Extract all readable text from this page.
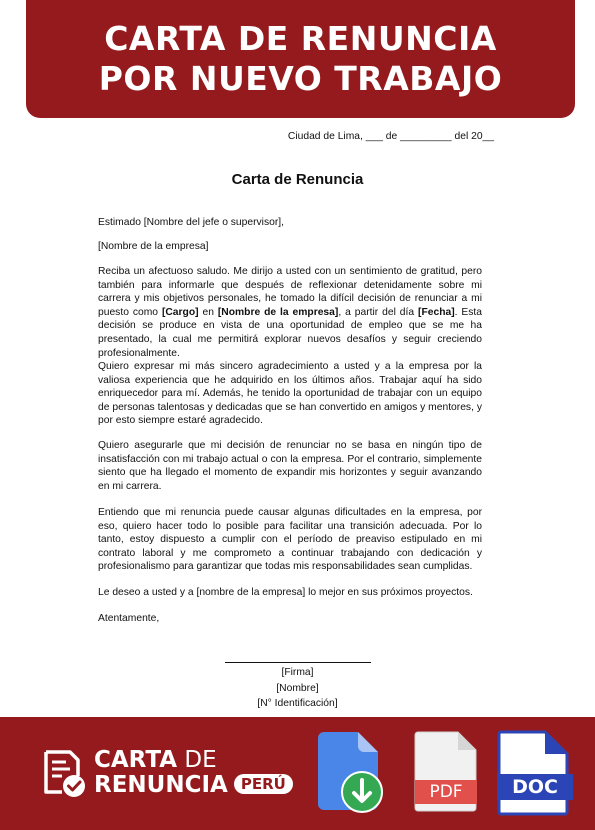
CARTA DE RENUNCIA
POR NUEVO TRABAJO
Ciudad de Lima, ___ de _________ del 20__
Carta de Renuncia
Estimado [Nombre del jefe o supervisor],
[Nombre de la empresa]
Reciba un afectuoso saludo. Me dirijo a usted con un sentimiento de gratitud, pero también para informarle que después de reflexionar detenidamente sobre mi carrera y mis objetivos personales, he tomado la difícil decisión de renunciar a mi puesto como [Cargo] en [Nombre de la empresa], a partir del día [Fecha]. Esta decisión se produce en vista de una oportunidad de empleo que se me ha presentado, la cual me permitirá explorar nuevos desafíos y seguir creciendo profesionalmente.
Quiero expresar mi más sincero agradecimiento a usted y a la empresa por la valiosa experiencia que he adquirido en los últimos años. Trabajar aquí ha sido enriquecedor para mí. Además, he tenido la oportunidad de trabajar con un equipo de personas talentosas y dedicadas que se han convertido en amigos y mentores, y por esto siempre estaré agradecido.
Quiero asegurarle que mi decisión de renunciar no se basa en ningún tipo de insatisfacción con mi trabajo actual o con la empresa. Por el contrario, simplemente siento que ha llegado el momento de expandir mis horizontes y seguir avanzando en mi carrera.
Entiendo que mi renuncia puede causar algunas dificultades en la empresa, por eso, quiero hacer todo lo posible para facilitar una transición adecuada. Por lo tanto, estoy dispuesto a cumplir con el período de preaviso estipulado en mi contrato laboral y me comprometo a continuar trabajando con dedicación y profesionalismo para garantizar que todas mis responsabilidades sean cumplidas.
Le deseo a usted y a [nombre de la empresa] lo mejor en sus próximos proyectos.
Atentamente,
[Firma]
[Nombre]
[N° Identificación]
CARTA DE
RENUNCIA PERÚ	PDF	DOC
